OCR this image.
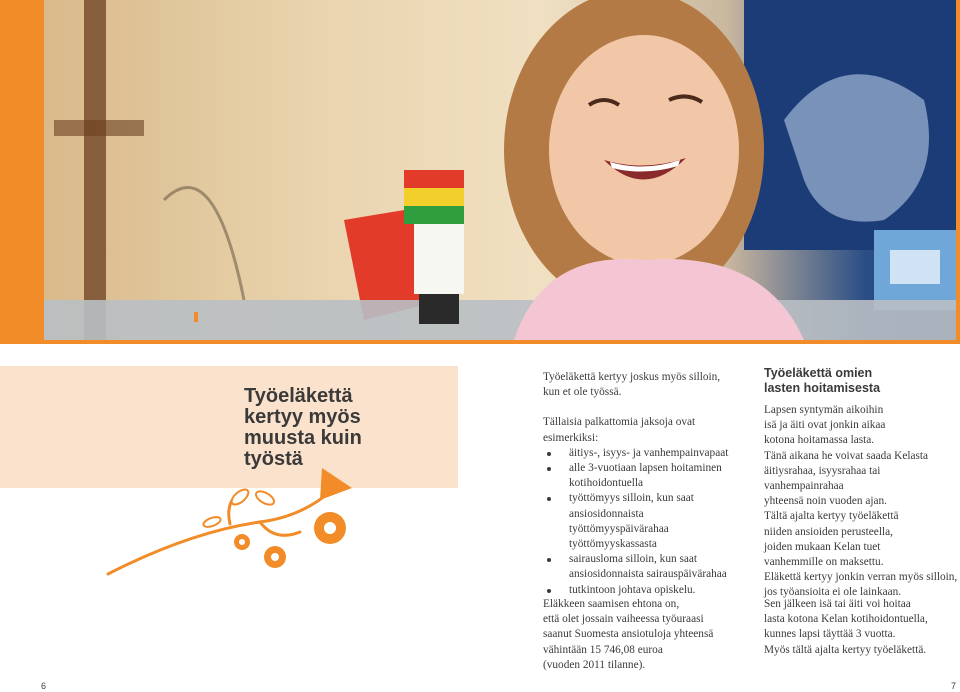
Työeläkettä
kertyy myös
muusta kuin
työstä

Työeläkettä kertyy joskus myös silloin,

kun et ole työssä.

Tällaisia palkattomia jaksoja ovat esimerkiksi:

äitiys-, isyys- ja vanhempainvapaat
alle 3-vuotiaan lapsen hoitaminen
kotihoidontuella
työttömyys silloin, kun saat
ansiosidonnaista
työttömyyspäivärahaa
työttömyyskassasta
sairausloma silloin, kun saat
ansiosidonnaista sairauspäivärahaa
tutkintoon johtava opiskelu.
Työeläkettä omien
lasten hoitamisesta

Lapsen syntymän aikoihin
isä ja äiti ovat jonkin aikaa
kotona hoitamassa lasta.
Tänä aikana he voivat saada Kelasta
äitiysrahaa, isyysrahaa tai vanhempainrahaa
yhteensä noin vuoden ajan.
Tältä ajalta kertyy työeläkettä
niiden ansioiden perusteella,
joiden mukaan Kelan tuet
vanhemmille on maksettu.
Eläkettä kertyy jonkin verran myös silloin,
jos työansioita ei ole lainkaan.

Eläkkeen saamisen ehtona on,
että olet jossain vaiheessa työuraasi
saanut Suomesta ansiotuloja yhteensä
vähintään 15 746,08 euroa
(vuoden 2011 tilanne).

Sen jälkeen isä tai äiti voi hoitaa
lasta kotona Kelan kotihoidontuella,
kunnes lapsi täyttää 3 vuotta.
Myös tältä ajalta kertyy työeläkettä.

6	7
